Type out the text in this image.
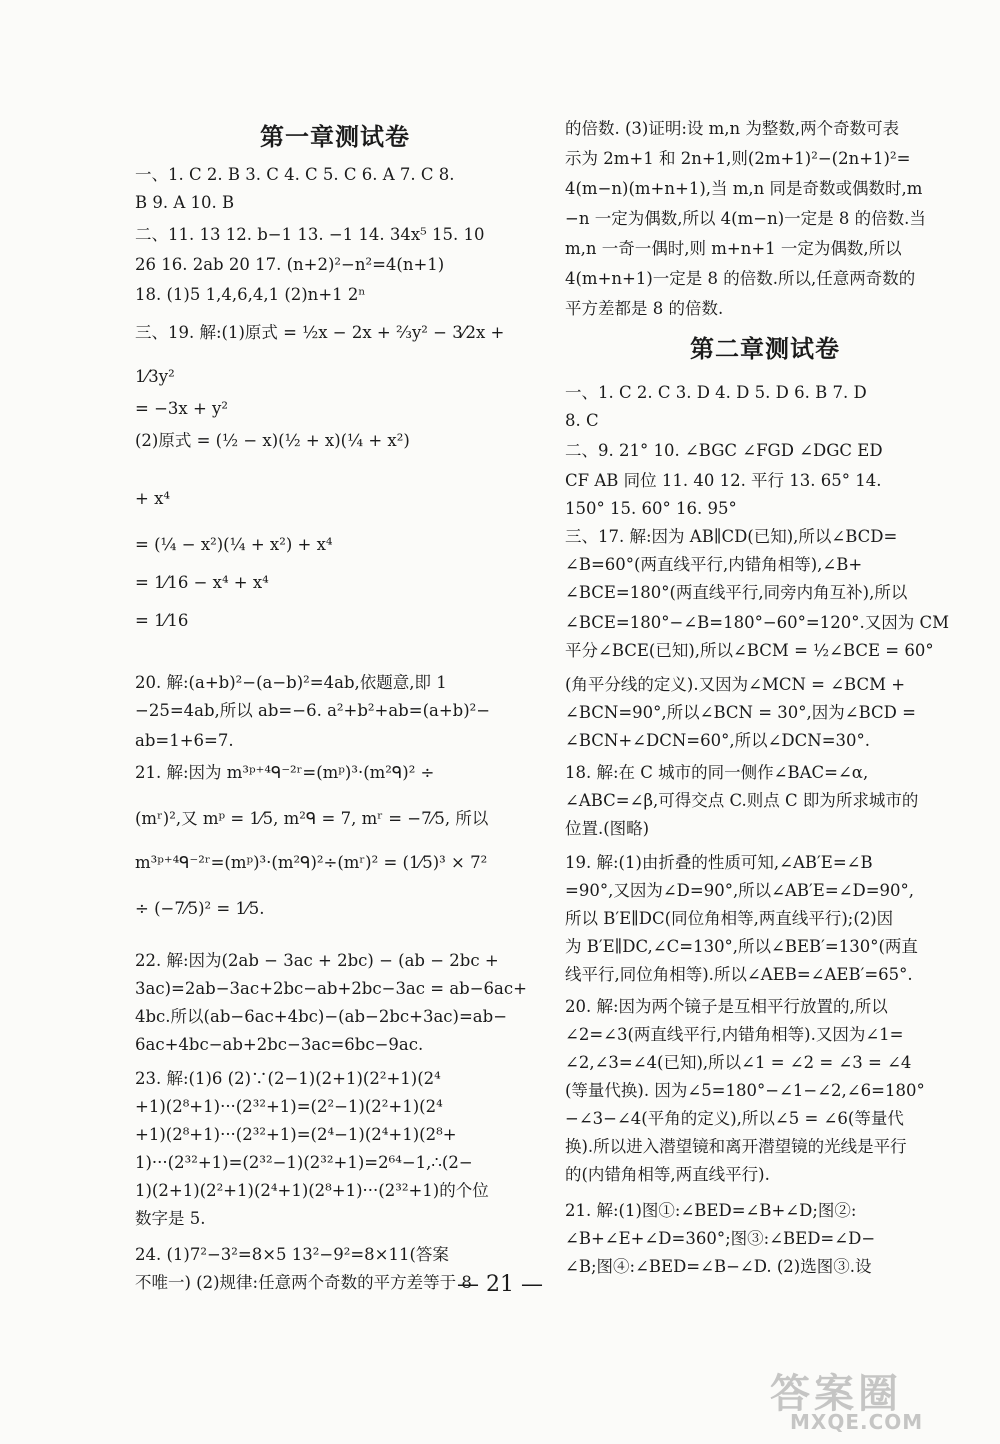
第一章测试卷
一、1. C 2. B 3. C 4. C 5. C 6. A 7. C 8.
B 9. A 10. B
二、11. 13 12. b−1 13. −1 14. 34x⁵ 15. 10
26 16. 2ab 20 17. (n+2)²−n²=4(n+1)
18. (1)5 1,4,6,4,1 (2)n+1 2ⁿ
三、19. 解:(1)原式 = ½x − 2x + ⅔y² − 3⁄2x +
1⁄3y²
= −3x + y²
(2)原式 = (½ − x)(½ + x)(¼ + x²)
+ x⁴
= (¼ − x²)(¼ + x²) + x⁴
= 1⁄16 − x⁴ + x⁴
= 1⁄16
20. 解:(a+b)²−(a−b)²=4ab,依题意,即 1
−25=4ab,所以 ab=−6. a²+b²+ab=(a+b)²−
ab=1+6=7.
21. 解:因为 m³ᵖ⁺⁴ᑫ⁻²ʳ=(mᵖ)³·(m²ᑫ)² ÷
(mʳ)²,又 mᵖ = 1⁄5, m²ᑫ = 7, mʳ = −7⁄5, 所以
m³ᵖ⁺⁴ᑫ⁻²ʳ=(mᵖ)³·(m²ᑫ)²÷(mʳ)² = (1⁄5)³ × 7²
÷ (−7⁄5)² = 1⁄5.
22. 解:因为(2ab − 3ac + 2bc) − (ab − 2bc +
3ac)=2ab−3ac+2bc−ab+2bc−3ac = ab−6ac+
4bc.所以(ab−6ac+4bc)−(ab−2bc+3ac)=ab−
6ac+4bc−ab+2bc−3ac=6bc−9ac.
23. 解:(1)6 (2)∵(2−1)(2+1)(2²+1)(2⁴
+1)(2⁸+1)···(2³²+1)=(2²−1)(2²+1)(2⁴
+1)(2⁸+1)···(2³²+1)=(2⁴−1)(2⁴+1)(2⁸+
1)···(2³²+1)=(2³²−1)(2³²+1)=2⁶⁴−1,∴(2−
1)(2+1)(2²+1)(2⁴+1)(2⁸+1)···(2³²+1)的个位
数字是 5.
24. (1)7²−3²=8×5 13²−9²=8×11(答案
不唯一) (2)规律:任意两个奇数的平方差等于 8
的倍数. (3)证明:设 m,n 为整数,两个奇数可表
示为 2m+1 和 2n+1,则(2m+1)²−(2n+1)²=
4(m−n)(m+n+1),当 m,n 同是奇数或偶数时,m
−n 一定为偶数,所以 4(m−n)一定是 8 的倍数.当
m,n 一奇一偶时,则 m+n+1 一定为偶数,所以
4(m+n+1)一定是 8 的倍数.所以,任意两奇数的
平方差都是 8 的倍数.
第二章测试卷
一、1. C 2. C 3. D 4. D 5. D 6. B 7. D
8. C
二、9. 21° 10. ∠BGC ∠FGD ∠DGC ED
CF AB 同位 11. 40 12. 平行 13. 65° 14.
150° 15. 60° 16. 95°
三、17. 解:因为 AB∥CD(已知),所以∠BCD=
∠B=60°(两直线平行,内错角相等),∠B+
∠BCE=180°(两直线平行,同旁内角互补),所以
∠BCE=180°−∠B=180°−60°=120°.又因为 CM
平分∠BCE(已知),所以∠BCM = ½∠BCE = 60°
(角平分线的定义).又因为∠MCN = ∠BCM +
∠BCN=90°,所以∠BCN = 30°,因为∠BCD =
∠BCN+∠DCN=60°,所以∠DCN=30°.
18. 解:在 C 城市的同一侧作∠BAC=∠α,
∠ABC=∠β,可得交点 C.则点 C 即为所求城市的
位置.(图略)
19. 解:(1)由折叠的性质可知,∠AB′E=∠B
=90°,又因为∠D=90°,所以∠AB′E=∠D=90°,
所以 B′E∥DC(同位角相等,两直线平行);(2)因
为 B′E∥DC,∠C=130°,所以∠BEB′=130°(两直
线平行,同位角相等).所以∠AEB=∠AEB′=65°.
20. 解:因为两个镜子是互相平行放置的,所以
∠2=∠3(两直线平行,内错角相等).又因为∠1=
∠2,∠3=∠4(已知),所以∠1 = ∠2 = ∠3 = ∠4
(等量代换). 因为∠5=180°−∠1−∠2,∠6=180°
−∠3−∠4(平角的定义),所以∠5 = ∠6(等量代
换).所以进入潜望镜和离开潜望镜的光线是平行
的(内错角相等,两直线平行).
21. 解:(1)图①:∠BED=∠B+∠D;图②:
∠B+∠E+∠D=360°;图③:∠BED=∠D−
∠B;图④:∠BED=∠B−∠D. (2)选图③.设
— 21 —
答案圈
MXQE.COM
